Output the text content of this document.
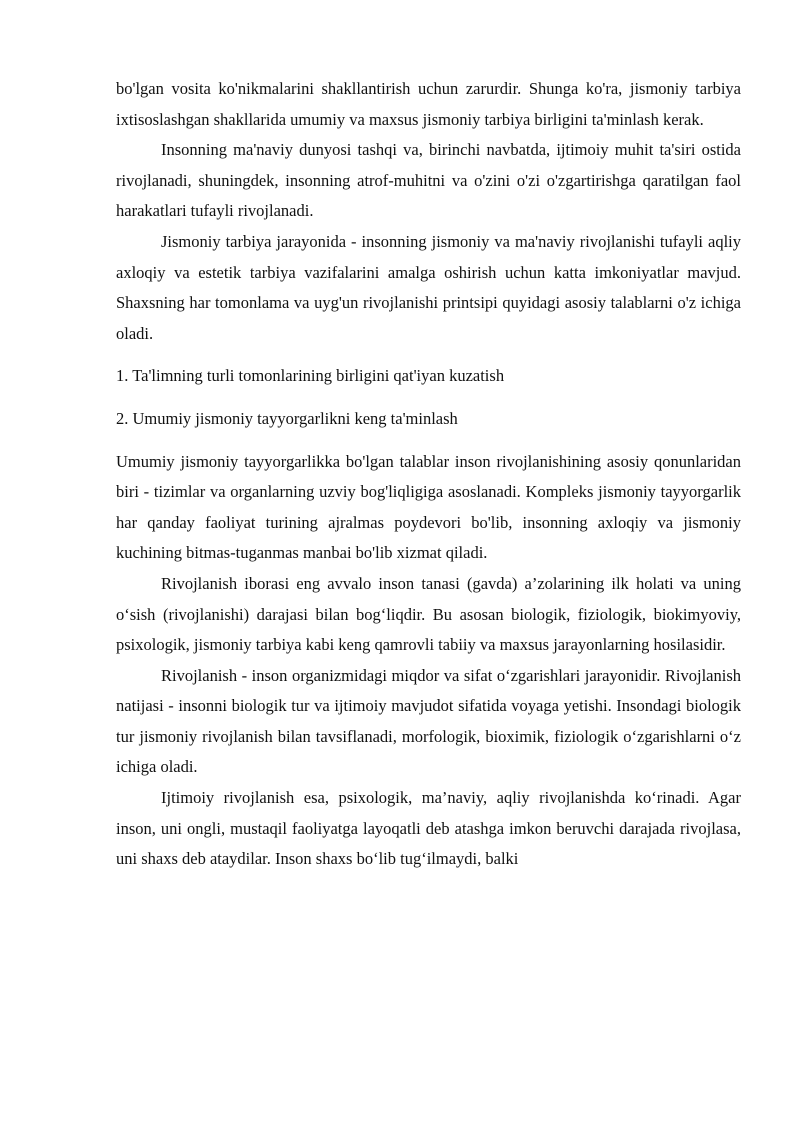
bo'lgan vosita ko'nikmalarini shakllantirish uchun zarurdir. Shunga ko'ra, jismoniy tarbiya ixtisoslashgan shakllarida umumiy va maxsus jismoniy tarbiya birligini ta'minlash kerak.

Insonning ma'naviy dunyosi tashqi va, birinchi navbatda, ijtimoiy muhit ta'siri ostida rivojlanadi, shuningdek, insonning atrof-muhitni va o'zini o'zi o'zgartirishga qaratilgan faol harakatlari tufayli rivojlanadi.

Jismoniy tarbiya jarayonida - insonning jismoniy va ma'naviy rivojlanishi tufayli aqliy axloqiy va estetik tarbiya vazifalarini amalga oshirish uchun katta imkoniyatlar mavjud. Shaxsning har tomonlama va uyg'un rivojlanishi printsipi quyidagi asosiy talablarni o'z ichiga oladi.

1. Ta'limning turli tomonlarining birligini qat'iyan kuzatish

2. Umumiy jismoniy tayyorgarlikni keng ta'minlash

Umumiy jismoniy tayyorgarlikka bo'lgan talablar inson rivojlanishining asosiy qonunlaridan biri - tizimlar va organlarning uzviy bog'liqligiga asoslanadi. Kompleks jismoniy tayyorgarlik har qanday faoliyat turining ajralmas poydevori bo'lib, insonning axloqiy va jismoniy kuchining bitmas-tuganmas manbai bo'lib xizmat qiladi.

Rivojlanish iborasi eng avvalo inson tanasi (gavda) a’zolarining ilk holati va uning o‘sish (rivojlanishi) darajasi bilan bog‘liqdir. Bu asosan biologik, fiziologik, biokimyoviy, psixologik, jismoniy tarbiya kabi keng qamrovli tabiiy va maxsus jarayonlarning hosilasidir.

Rivojlanish - inson organizmidagi miqdor va sifat o‘zgarishlari jarayonidir. Rivojlanish natijasi - insonni biologik tur va ijtimoiy mavjudot sifatida voyaga yetishi. Insondagi biologik tur jismoniy rivojlanish bilan tavsiflanadi, morfologik, bioximik, fiziologik o‘zgarishlarni o‘z ichiga oladi.

Ijtimoiy rivojlanish esa, psixologik, ma’naviy, aqliy rivojlanishda ko‘rinadi. Agar inson, uni ongli, mustaqil faoliyatga layoqatli deb atashga imkon beruvchi darajada rivojlasa, uni shaxs deb ataydilar. Inson shaxs bo‘lib tug‘ilmaydi, balki
